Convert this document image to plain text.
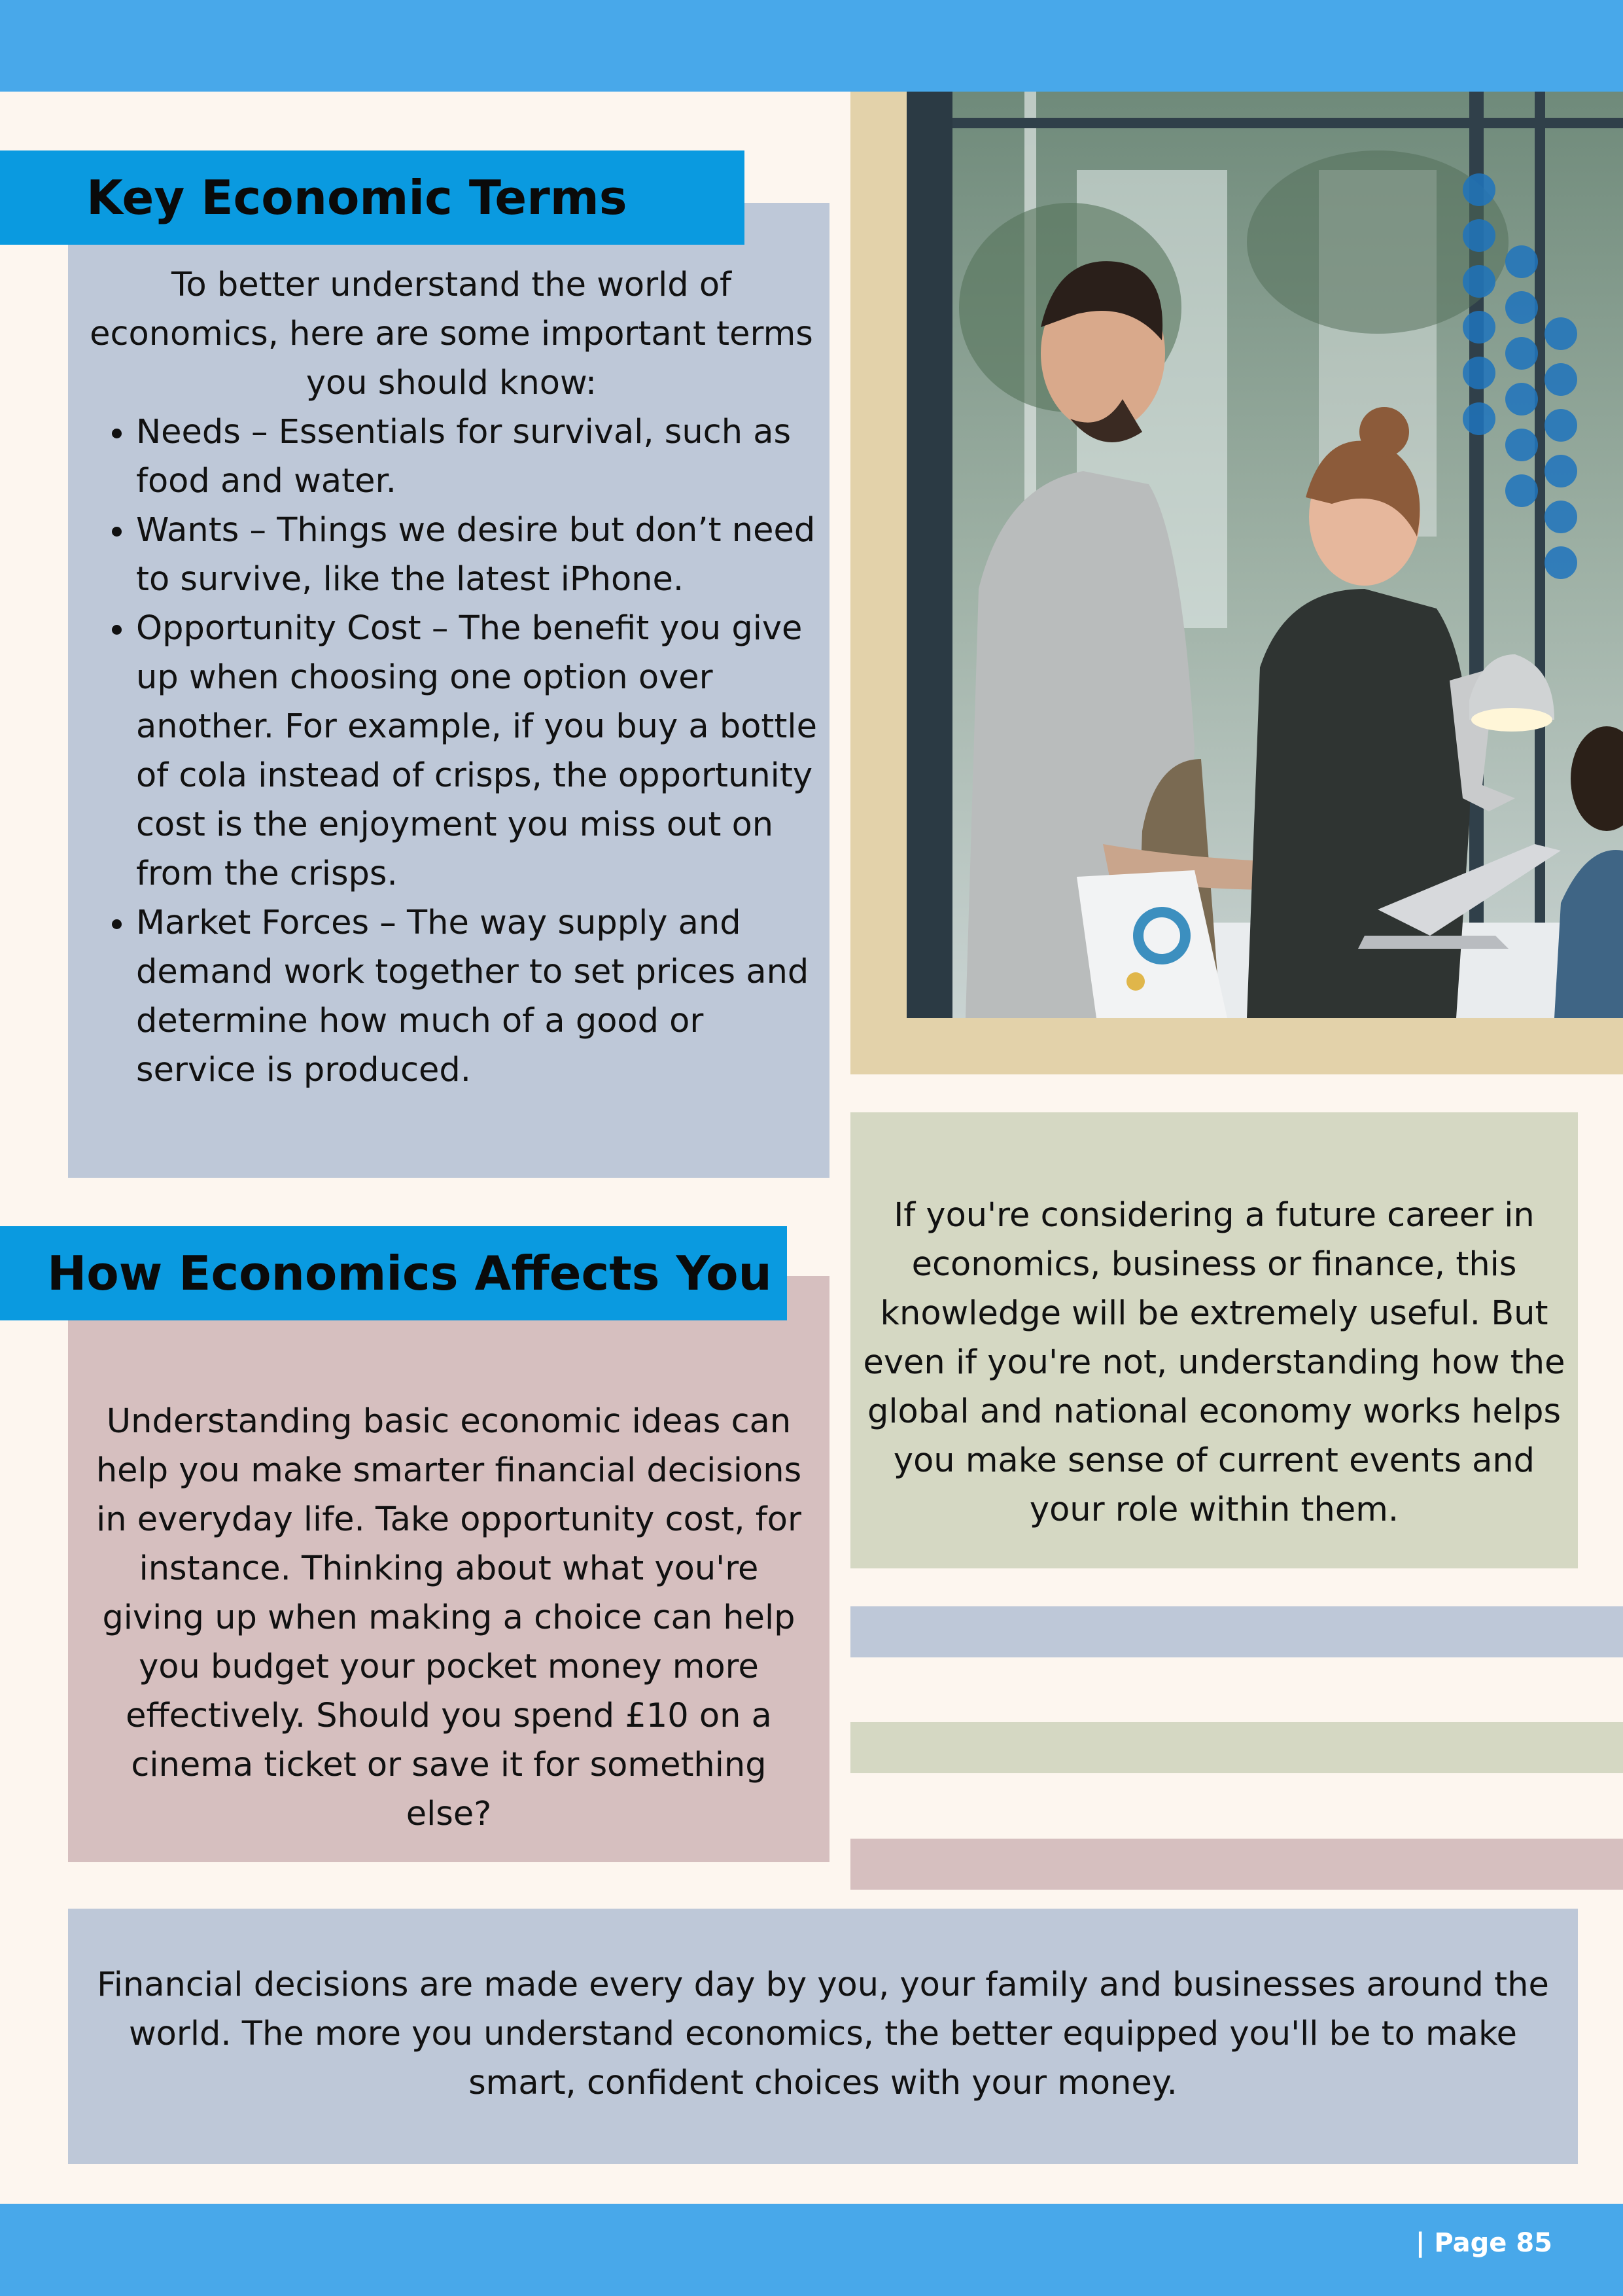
Key Economic Terms

To better understand the world of economics, here are some important terms you should know:

• Needs – Essentials for survival, such as food and water.
• Wants – Things we desire but don’t need to survive, like the latest iPhone.
• Opportunity Cost – The benefit you give up when choosing one option over another. For example, if you buy a bottle of cola instead of crisps, the opportunity cost is the enjoyment you miss out on from the crisps.
• Market Forces – The way supply and demand work together to set prices and determine how much of a good or service is produced.
How Economics Affects You
Understanding basic economic ideas can help you make smarter financial decisions in everyday life. Take opportunity cost, for instance. Thinking about what you're giving up when making a choice can help you budget your pocket money more effectively. Should you spend £10 on a cinema ticket or save it for something else?
If you're considering a future career in economics, business or finance, this knowledge will be extremely useful. But even if you're not, understanding how the global and national economy works helps you make sense of current events and your role within them.
Financial decisions are made every day by you, your family and businesses around the world. The more you understand economics, the better equipped you'll be to make smart, confident choices with your money.
| Page 85
